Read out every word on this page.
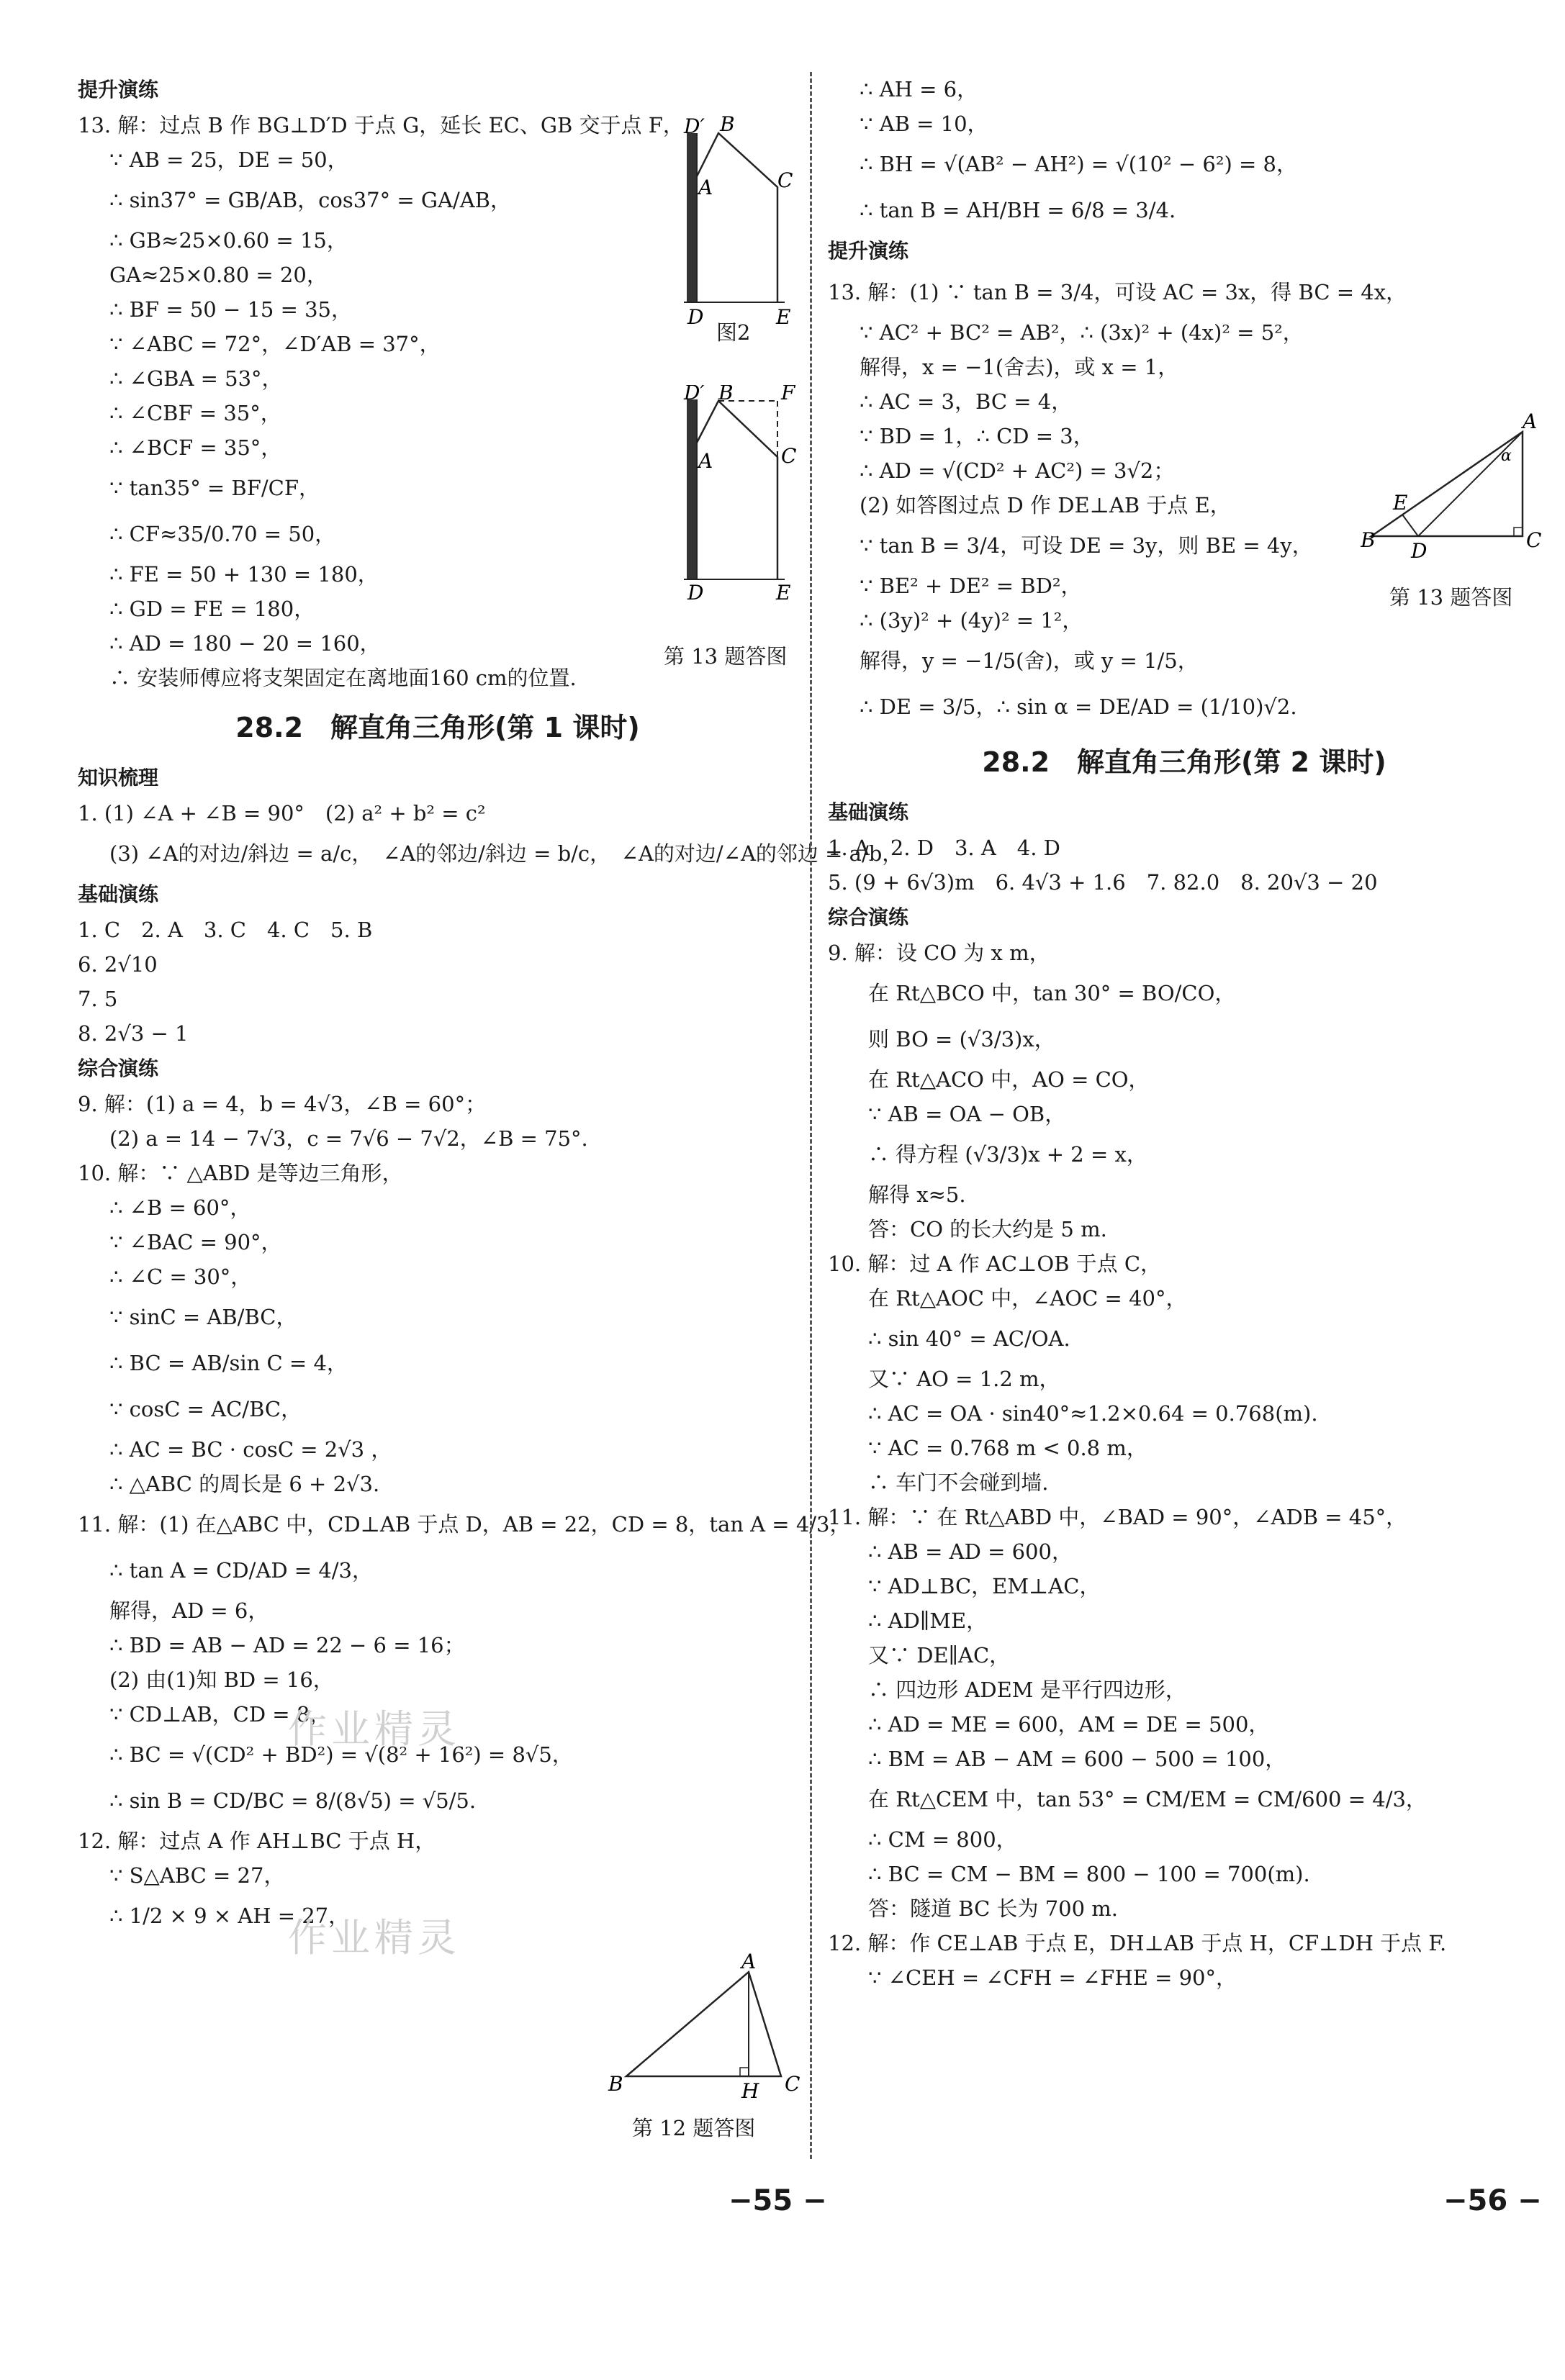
提升演练
13. 解：过点 B 作 BG⊥D′D 于点 G，延长 EC、GB 交于点 F，
∵ AB = 25，DE = 50，
∴ sin37° = GB/AB，cos37° = GA/AB，
∴ GB≈25×0.60 = 15，
GA≈25×0.80 = 20，
∴ BF = 50 − 15 = 35，
∵ ∠ABC = 72°，∠D′AB = 37°，
∴ ∠GBA = 53°，
∴ ∠CBF = 35°，
∴ ∠BCF = 35°，
∵ tan35° = BF/CF，
∴ CF≈35/0.70 = 50，
∴ FE = 50 + 130 = 180，
∴ GD = FE = 180，
∴ AD = 180 − 20 = 160，
∴ 安装师傅应将支架固定在离地面160 cm的位置.
28.2　解直角三角形(第 1 课时)
知识梳理
1. (1) ∠A + ∠B = 90°　(2) a² + b² = c²
(3) ∠A的对边/斜边 = a/c，　∠A的邻边/斜边 = b/c，　∠A的对边/∠A的邻边 = a/b，
基础演练
1. C　2. A　3. C　4. C　5. B
6. 2√10
7. 5
8. 2√3 − 1
综合演练
9. 解：(1) a = 4，b = 4√3，∠B = 60°；
(2) a = 14 − 7√3，c = 7√6 − 7√2，∠B = 75°.
10. 解：∵ △ABD 是等边三角形，
∴ ∠B = 60°，
∵ ∠BAC = 90°，
∴ ∠C = 30°，
∵ sinC = AB/BC，
∴ BC = AB/sin C = 4，
∵ cosC = AC/BC，
∴ AC = BC · cosC = 2√3 ，
∴ △ABC 的周长是 6 + 2√3.
11. 解：(1) 在△ABC 中，CD⊥AB 于点 D，AB = 22，CD = 8，tan A = 4/3，
∴ tan A = CD/AD = 4/3，
解得，AD = 6，
∴ BD = AB − AD = 22 − 6 = 16；
(2) 由(1)知 BD = 16，
∵ CD⊥AB，CD = 8，
∴ BC = √(CD² + BD²) = √(8² + 16²) = 8√5，
∴ sin B = CD/BC = 8/(8√5) = √5/5.
12. 解：过点 A 作 AH⊥BC 于点 H，
∵ S△ABC = 27，
∴ 1/2 × 9 × AH = 27，
∴ AH = 6，
∵ AB = 10，
∴ BH = √(AB² − AH²) = √(10² − 6²) = 8，
∴ tan B = AH/BH = 6/8 = 3/4.
提升演练
13. 解：(1) ∵ tan B = 3/4，可设 AC = 3x，得 BC = 4x，
∵ AC² + BC² = AB²，∴ (3x)² + (4x)² = 5²，
解得，x = −1(舍去)，或 x = 1，
∴ AC = 3，BC = 4，
∵ BD = 1，∴ CD = 3，
∴ AD = √(CD² + AC²) = 3√2；
(2) 如答图过点 D 作 DE⊥AB 于点 E，
∵ tan B = 3/4，可设 DE = 3y，则 BE = 4y，
∵ BE² + DE² = BD²，
∴ (3y)² + (4y)² = 1²，
解得，y = −1/5(舍)，或 y = 1/5，
∴ DE = 3/5，∴ sin α = DE/AD = (1/10)√2.
28.2　解直角三角形(第 2 课时)
基础演练
1. A　2. D　3. A　4. D
5. (9 + 6√3)m　6. 4√3 + 1.6　7. 82.0　8. 20√3 − 20
综合演练
9. 解：设 CO 为 x m，
在 Rt△BCO 中，tan 30° = BO/CO，
则 BO = (√3/3)x，
在 Rt△ACO 中，AO = CO，
∵ AB = OA − OB，
∴ 得方程 (√3/3)x + 2 = x，
解得 x≈5.
答：CO 的长大约是 5 m.
10. 解：过 A 作 AC⊥OB 于点 C，
在 Rt△AOC 中，∠AOC = 40°，
∴ sin 40° = AC/OA.
又∵ AO = 1.2 m，
∴ AC = OA · sin40°≈1.2×0.64 = 0.768(m).
∵ AC = 0.768 m < 0.8 m，
∴ 车门不会碰到墙.
11. 解：∵ 在 Rt△ABD 中，∠BAD = 90°，∠ADB = 45°，
∴ AB = AD = 600，
∵ AD⊥BC，EM⊥AC，
∴ AD∥ME，
又∵ DE∥AC，
∴ 四边形 ADEM 是平行四边形，
∴ AD = ME = 600，AM = DE = 500，
∴ BM = AB − AM = 600 − 500 = 100，
在 Rt△CEM 中，tan 53° = CM/EM = CM/600 = 4/3，
∴ CM = 800，
∴ BC = CM − BM = 800 − 100 = 700(m).
答：隧道 BC 长为 700 m.
12. 解：作 CE⊥AB 于点 E，DH⊥AB 于点 H，CF⊥DH 于点 F.
∵ ∠CEH = ∠CFH = ∠FHE = 90°，
D′ B
C
A
D	E
图2
D′ B F
C
A
D	E
第 13 题答图
A
B	H C
第 12 题答图
A
α
E
B D	C
第 13 题答图
作业精灵
作业精灵
−55 −	−56 −
